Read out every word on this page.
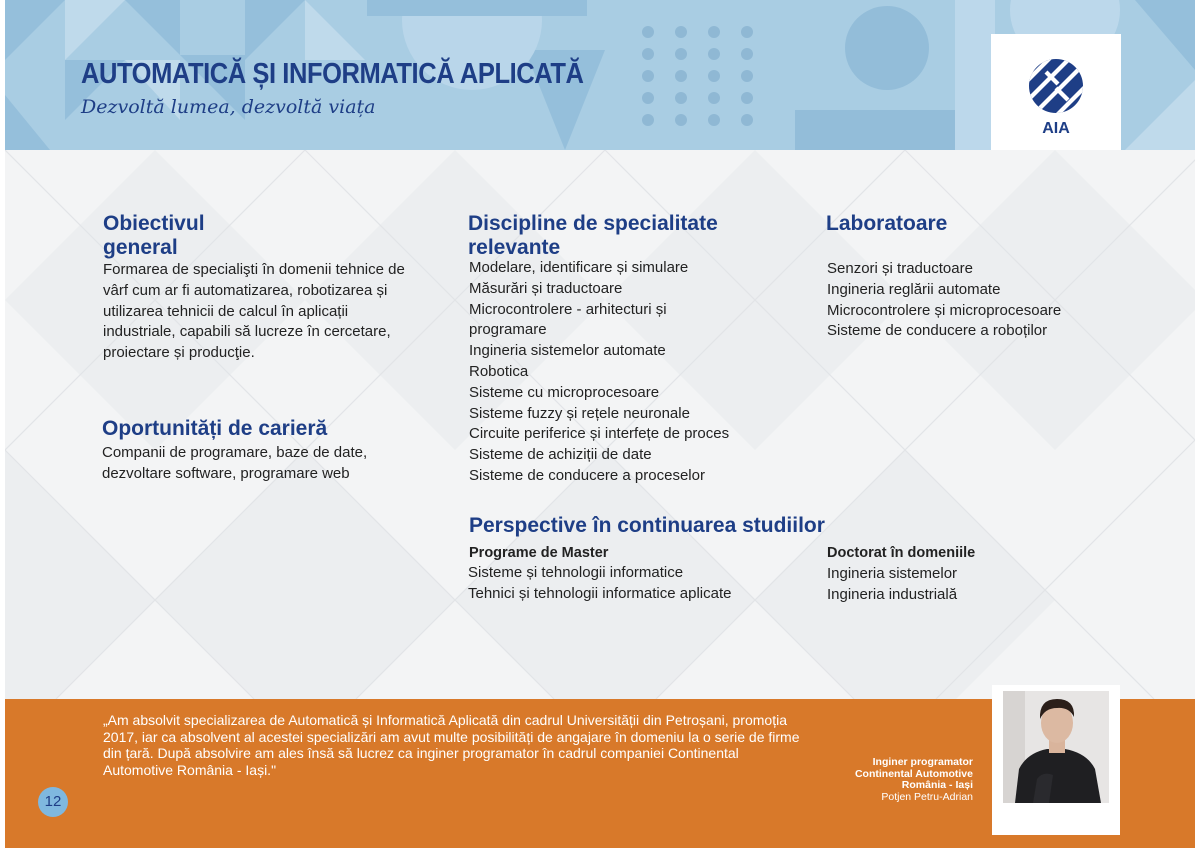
AUTOMATICĂ ȘI INFORMATICĂ APLICATĂ
Dezvoltă lumea, dezvoltă viața
AIA
Obiectivul
general
Formarea de specialişti în domenii tehnice de vârf cum ar fi automatizarea, robotizarea și utilizarea tehnicii de calcul în aplicații industriale, capabili să lucreze în cercetare, proiectare și producţie.
Oportunități de carieră
Companii de programare, baze de date, dezvoltare software, programare web
Discipline de specialitate
relevante
Modelare, identificare și simulare
Măsurări și traductoare
Microcontrolere - arhitecturi și
programare
Ingineria sistemelor automate
Robotica
Sisteme cu microprocesoare
Sisteme fuzzy și rețele neuronale
Circuite periferice și interfețe de proces
Sisteme de achiziții de date
Sisteme de conducere a proceselor
Laboratoare
Senzori și traductoare
Ingineria reglării automate
Microcontrolere și microprocesoare
Sisteme de conducere a roboților
Perspective în continuarea studiilor
Programe de Master
Sisteme și tehnologii informatice
Tehnici și tehnologii informatice aplicate
Doctorat în domeniile
Ingineria sistemelor
Ingineria industrială
„Am absolvit specializarea de Automatică și Informatică Aplicată din cadrul Universității din Petroșani, promoția 2017, iar ca absolvent al acestei specializări am avut multe posibilități de angajare în domeniu la o serie de firme din țară. După absolvire am ales însă să lucrez ca inginer programator în cadrul companiei Continental Automotive România - Iași."	Inginer programator
Continental Automotive
România - Iași
Potjen Petru-Adrian
12
